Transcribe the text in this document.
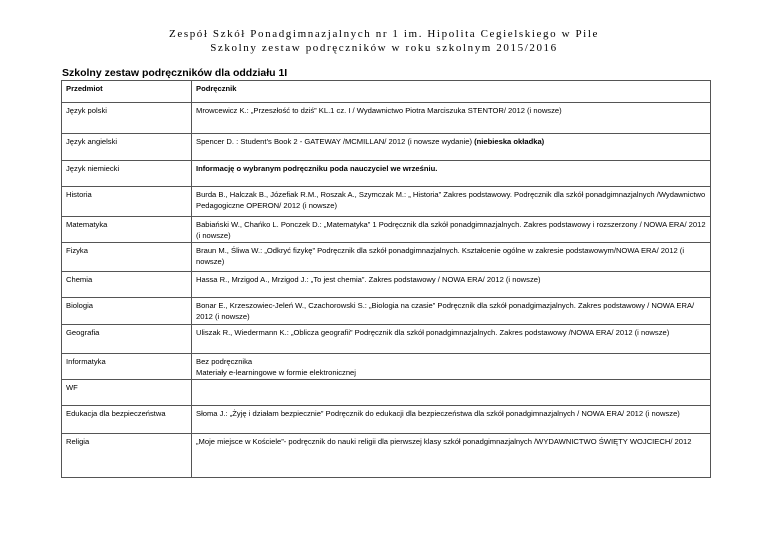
Zespół Szkół Ponadgimnazjalnych nr 1 im. Hipolita Cegielskiego w Pile
Szkolny zestaw podręczników w roku szkolnym 2015/2016
Szkolny zestaw podręczników dla oddziału 1I
Przedmiot	Podręcznik
Język polski	Mrowcewicz K.: „Przeszłość to dziś” KL.1 cz. I / Wydawnictwo Piotra Marciszuka STENTOR/ 2012 (i nowsze)
Język angielski	Spencer D. : Student’s Book 2 - GATEWAY /MCMILLAN/ 2012 (i nowsze wydanie) (niebieska okładka)
Język niemiecki	Informację o wybranym podręczniku poda nauczyciel we wrześniu.
Historia	Burda B., Halczak B., Józefiak R.M., Roszak A., Szymczak M.: „ Historia” Zakres podstawowy. Podręcznik dla szkół ponadgimnazjalnych /Wydawnictwo Pedagogiczne OPERON/ 2012 (i nowsze)
Matematyka	Babiański W., Chańko L. Ponczek D.: „Matematyka” 1 Podręcznik dla szkół ponadgimnazjalnych. Zakres podstawowy i rozszerzony / NOWA ERA/ 2012 (i nowsze)
Fizyka	Braun M., Śliwa W.: „Odkryć fizykę” Podręcznik dla szkół ponadgimnazjalnych. Kształcenie ogólne w zakresie podstawowym/NOWA ERA/ 2012 (i nowsze)
Chemia	Hassa R., Mrzigod A., Mrzigod J.: „To jest chemia”. Zakres podstawowy / NOWA ERA/ 2012 (i nowsze)
Biologia	Bonar E., Krzeszowiec-Jeleń W., Czachorowski S.: „Biologia na czasie” Podręcznik dla szkół ponadgimazjalnych. Zakres podstawowy / NOWA ERA/ 2012 (i nowsze)
Geografia	Uliszak R., Wiedermann K.: „Oblicza geografii” Podręcznik dla szkół ponadgimnazjalnych. Zakres podstawowy /NOWA ERA/ 2012 (i nowsze)
Informatyka	Bez podręcznika
Materiały e-learningowe w formie elektronicznej
WF	
Edukacja dla bezpieczeństwa	Słoma J.: „Żyję i działam bezpiecznie” Podręcznik do edukacji dla bezpieczeństwa dla szkół ponadgimnazjalnych / NOWA ERA/ 2012 (i nowsze)
Religia	„Moje miejsce w Kościele”- podręcznik do nauki religii dla pierwszej klasy szkół ponadgimnazjalnych /WYDAWNICTWO ŚWIĘTY WOJCIECH/ 2012
